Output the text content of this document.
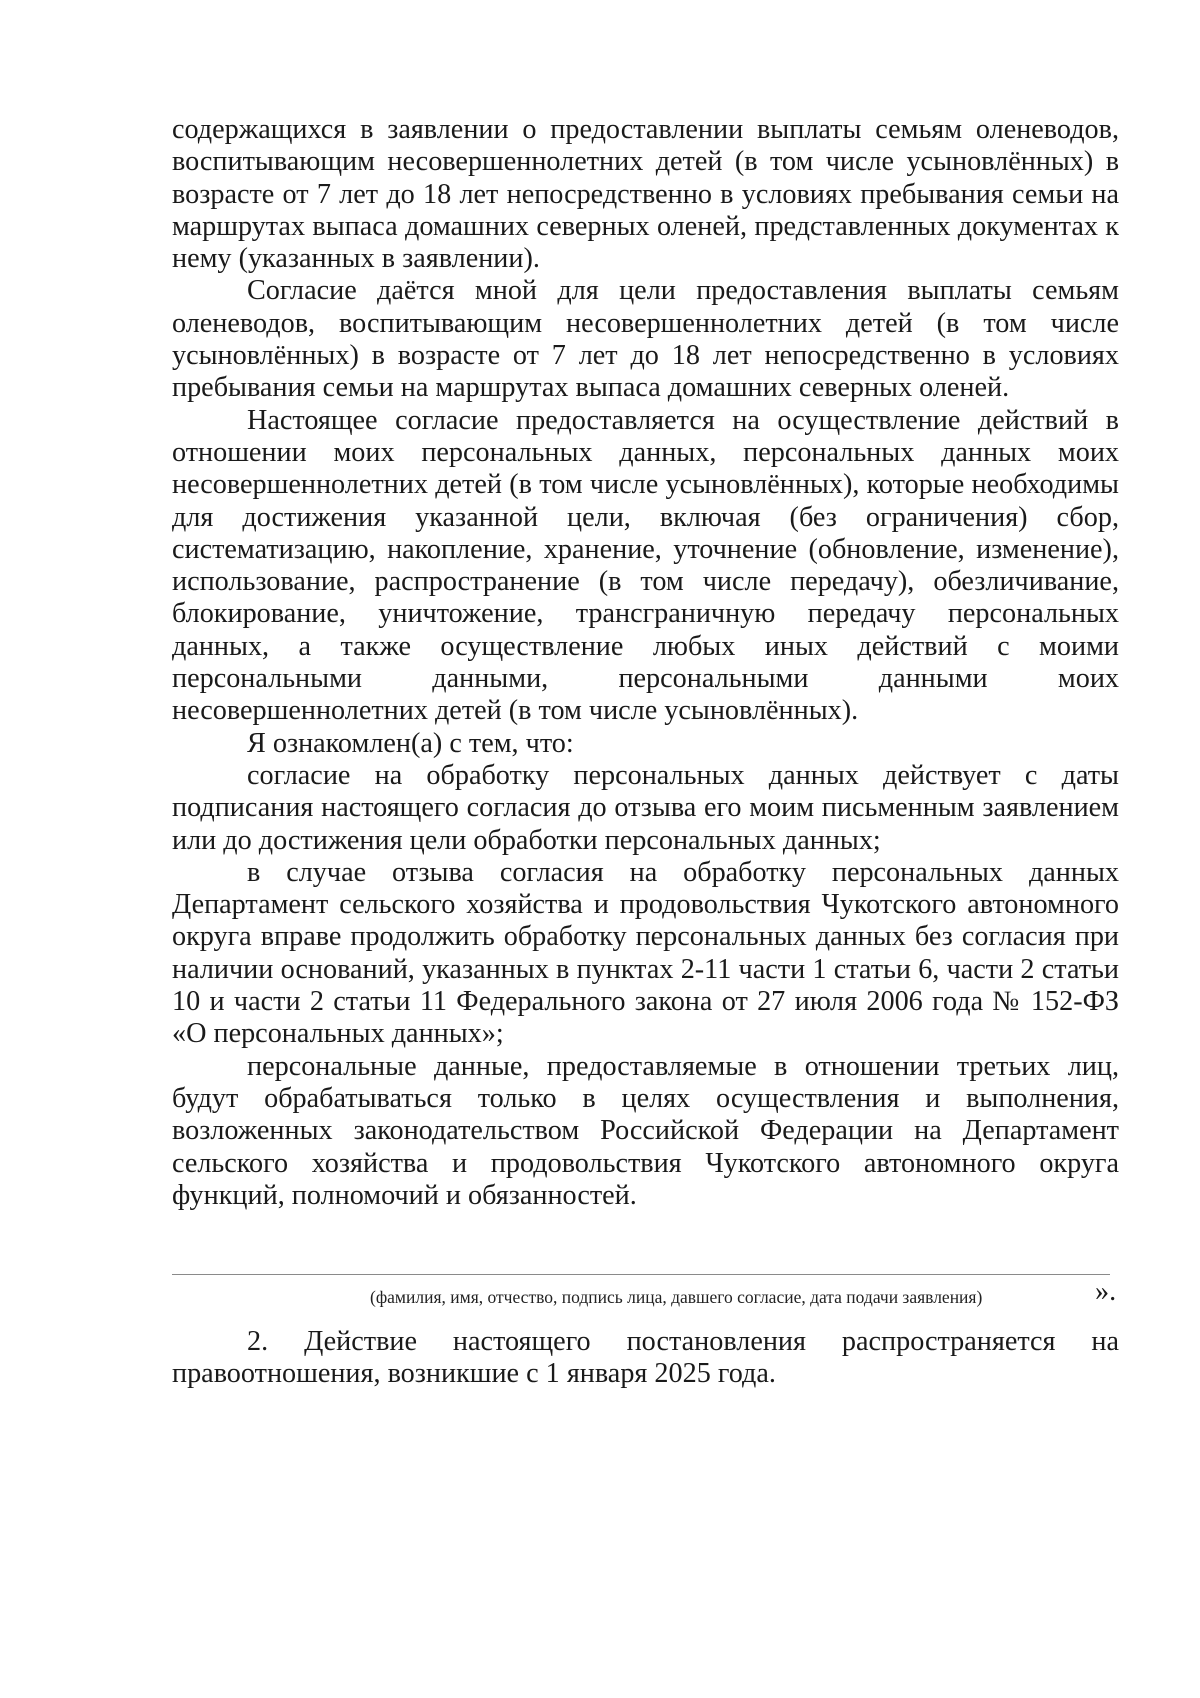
содержащихся в заявлении о предоставлении выплаты семьям оленеводов, воспитывающим несовершеннолетних детей (в том числе усыновлённых) в возрасте от 7 лет до 18 лет непосредственно в условиях пребывания семьи на маршрутах выпаса домашних северных оленей, представленных документах к нему (указанных в заявлении).

Согласие даётся мной для цели предоставления выплаты семьям оленеводов, воспитывающим несовершеннолетних детей (в том числе усыновлённых) в возрасте от 7 лет до 18 лет непосредственно в условиях пребывания семьи на маршрутах выпаса домашних северных оленей.

Настоящее согласие предоставляется на осуществление действий в отношении моих персональных данных, персональных данных моих несовершеннолетних детей (в том числе усыновлённых), которые необходимы для достижения указанной цели, включая (без ограничения) сбор, систематизацию, накопление, хранение, уточнение (обновление, изменение), использование, распространение (в том числе передачу), обезличивание, блокирование, уничтожение, трансграничную передачу персональных данных, а также осуществление любых иных действий с моими персональными данными, персональными данными моих несовершеннолетних детей (в том числе усыновлённых).

Я ознакомлен(а) с тем, что:

согласие на обработку персональных данных действует с даты подписания настоящего согласия до отзыва его моим письменным заявлением или до достижения цели обработки персональных данных;

в случае отзыва согласия на обработку персональных данных Департамент сельского хозяйства и продовольствия Чукотского автономного округа вправе продолжить обработку персональных данных без согласия при наличии оснований, указанных в пунктах 2-11 части 1 статьи 6, части 2 статьи 10 и части 2 статьи 11 Федерального закона от 27 июля 2006 года № 152-ФЗ «О персональных данных»;

персональные данные, предоставляемые в отношении третьих лиц, будут обрабатываться только в целях осуществления и выполнения, возложенных законодательством Российской Федерации на Департамент сельского хозяйства и продовольствия Чукотского автономного округа функций, полномочий и обязанностей.

(фамилия, имя, отчество, подпись лица, давшего согласие, дата подачи заявления)	».

2. Действие настоящего постановления распространяется на правоотношения, возникшие с 1 января 2025 года.
